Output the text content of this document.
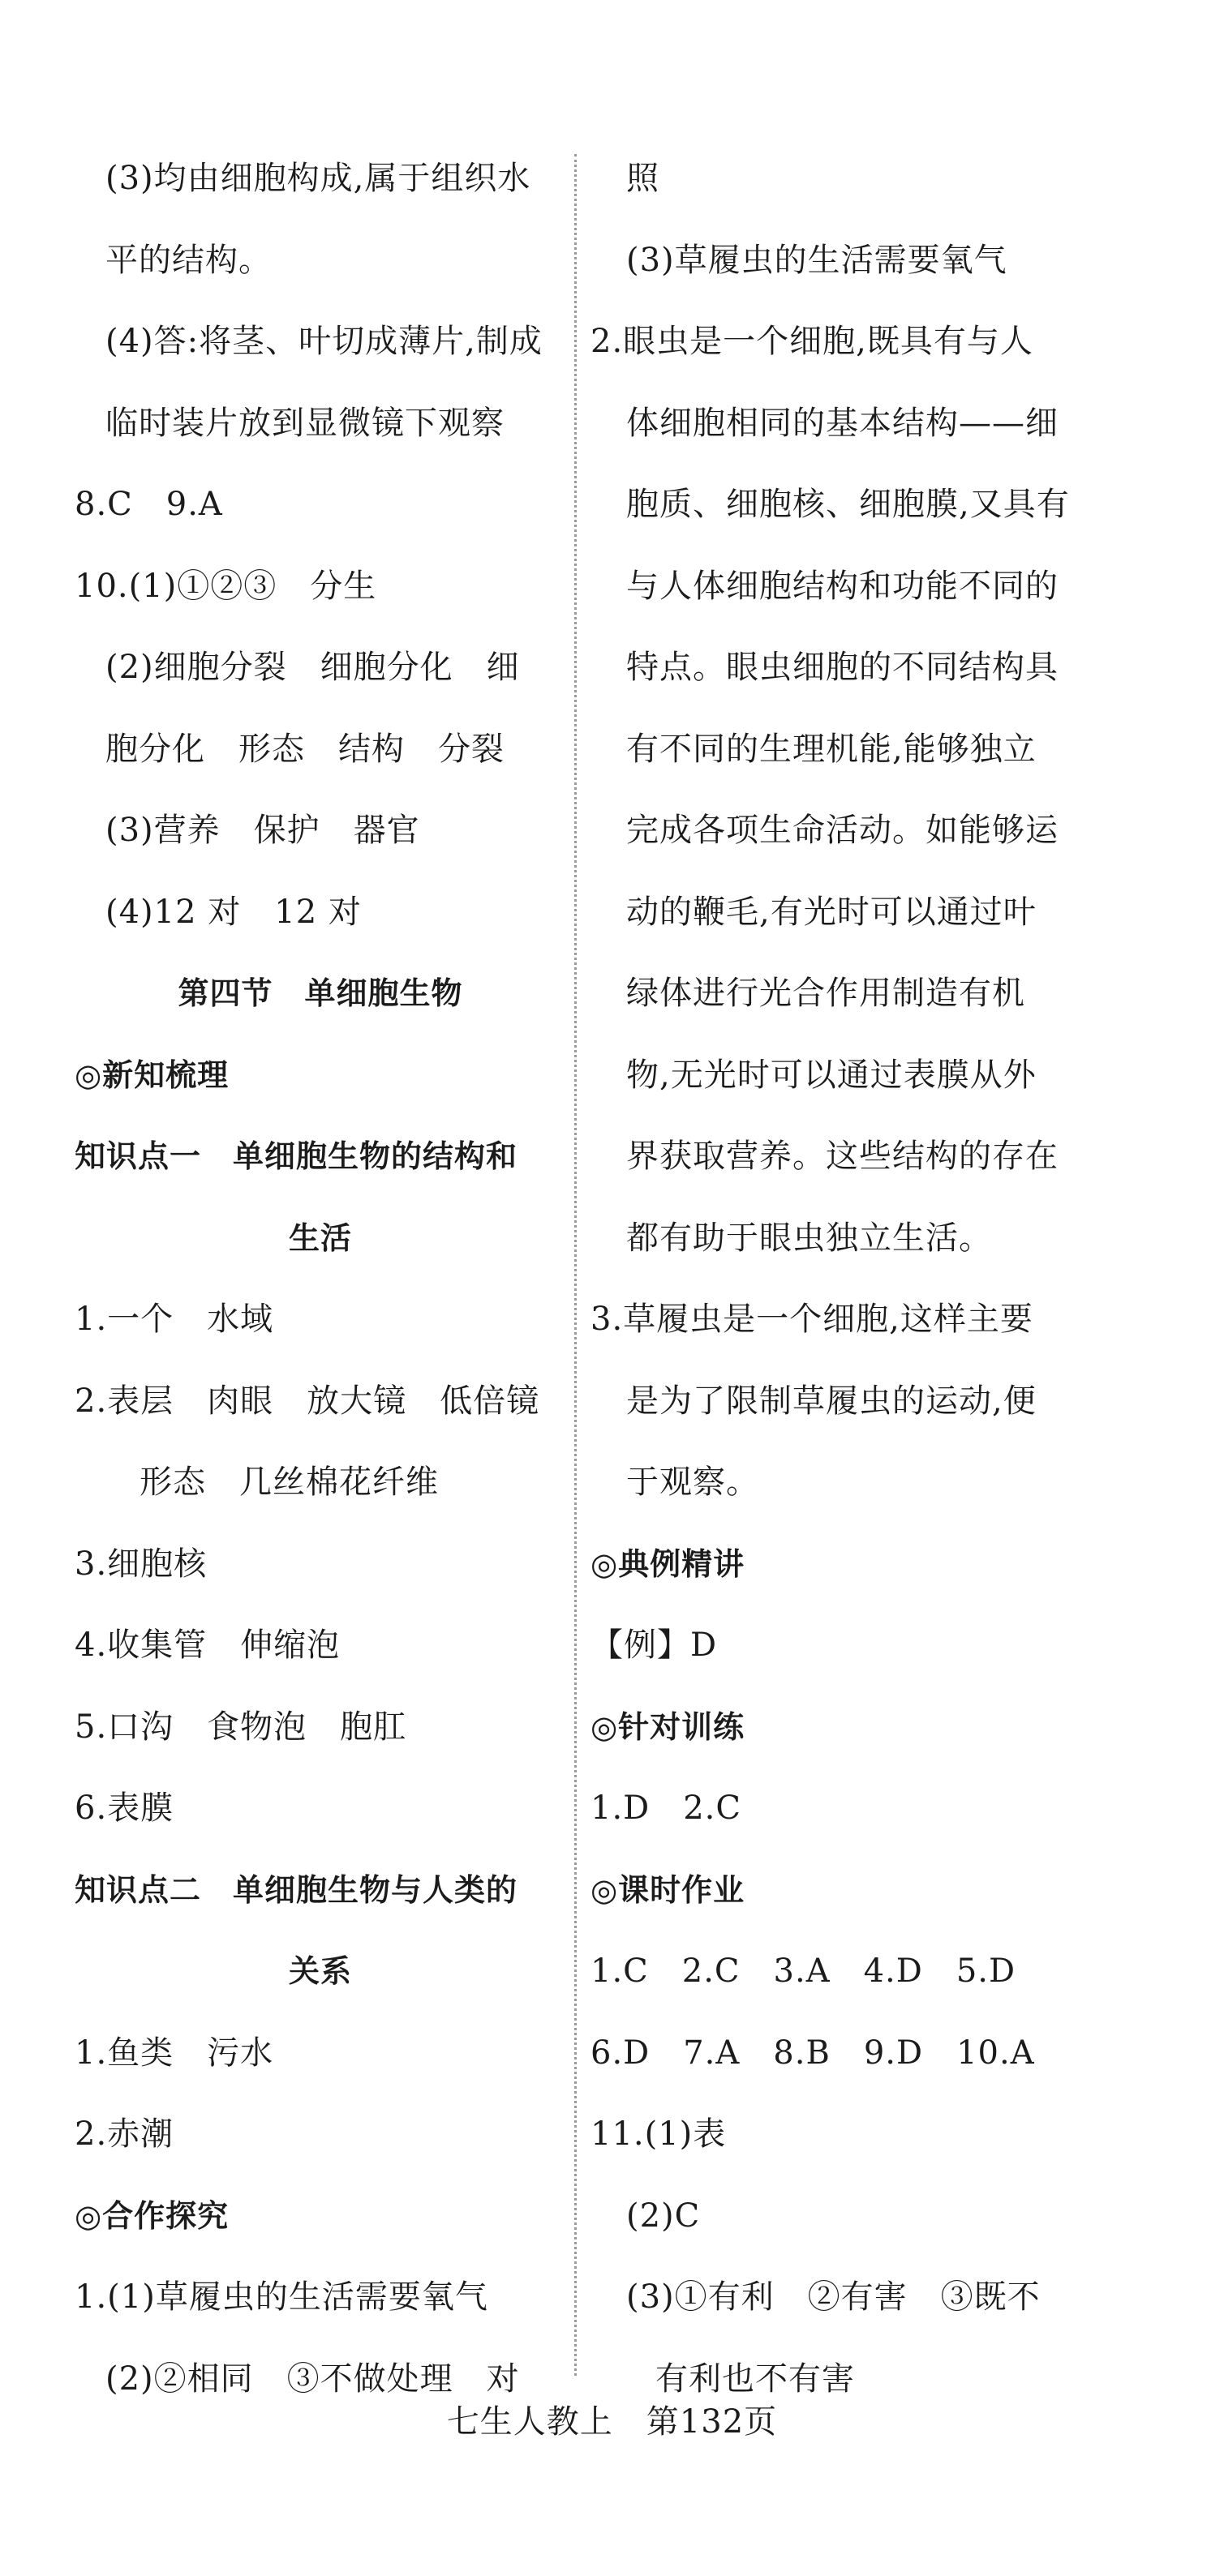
(3)均由细胞构成,属于组织水
平的结构。
(4)答:将茎、叶切成薄片,制成
临时装片放到显微镜下观察
8.C　9.A
10.(1)①②③　分生
(2)细胞分裂　细胞分化　细
胞分化　形态　结构　分裂
(3)营养　保护　器官
(4)12 对　12 对
第四节　单细胞生物
◎新知梳理
知识点一　单细胞生物的结构和
生活
1.一个　水域
2.表层　肉眼　放大镜　低倍镜
形态　几丝棉花纤维
3.细胞核
4.收集管　伸缩泡
5.口沟　食物泡　胞肛
6.表膜
知识点二　单细胞生物与人类的
关系
1.鱼类　污水
2.赤潮
◎合作探究
1.(1)草履虫的生活需要氧气
(2)②相同　③不做处理　对
照
(3)草履虫的生活需要氧气
2.眼虫是一个细胞,既具有与人
体细胞相同的基本结构——细
胞质、细胞核、细胞膜,又具有
与人体细胞结构和功能不同的
特点。眼虫细胞的不同结构具
有不同的生理机能,能够独立
完成各项生命活动。如能够运
动的鞭毛,有光时可以通过叶
绿体进行光合作用制造有机
物,无光时可以通过表膜从外
界获取营养。这些结构的存在
都有助于眼虫独立生活。
3.草履虫是一个细胞,这样主要
是为了限制草履虫的运动,便
于观察。
◎典例精讲
【例】D
◎针对训练
1.D　2.C
◎课时作业
1.C　2.C　3.A　4.D　5.D
6.D　7.A　8.B　9.D　10.A
11.(1)表
(2)C
(3)①有利　②有害　③既不
有利也不有害
七生人教上　第132页
